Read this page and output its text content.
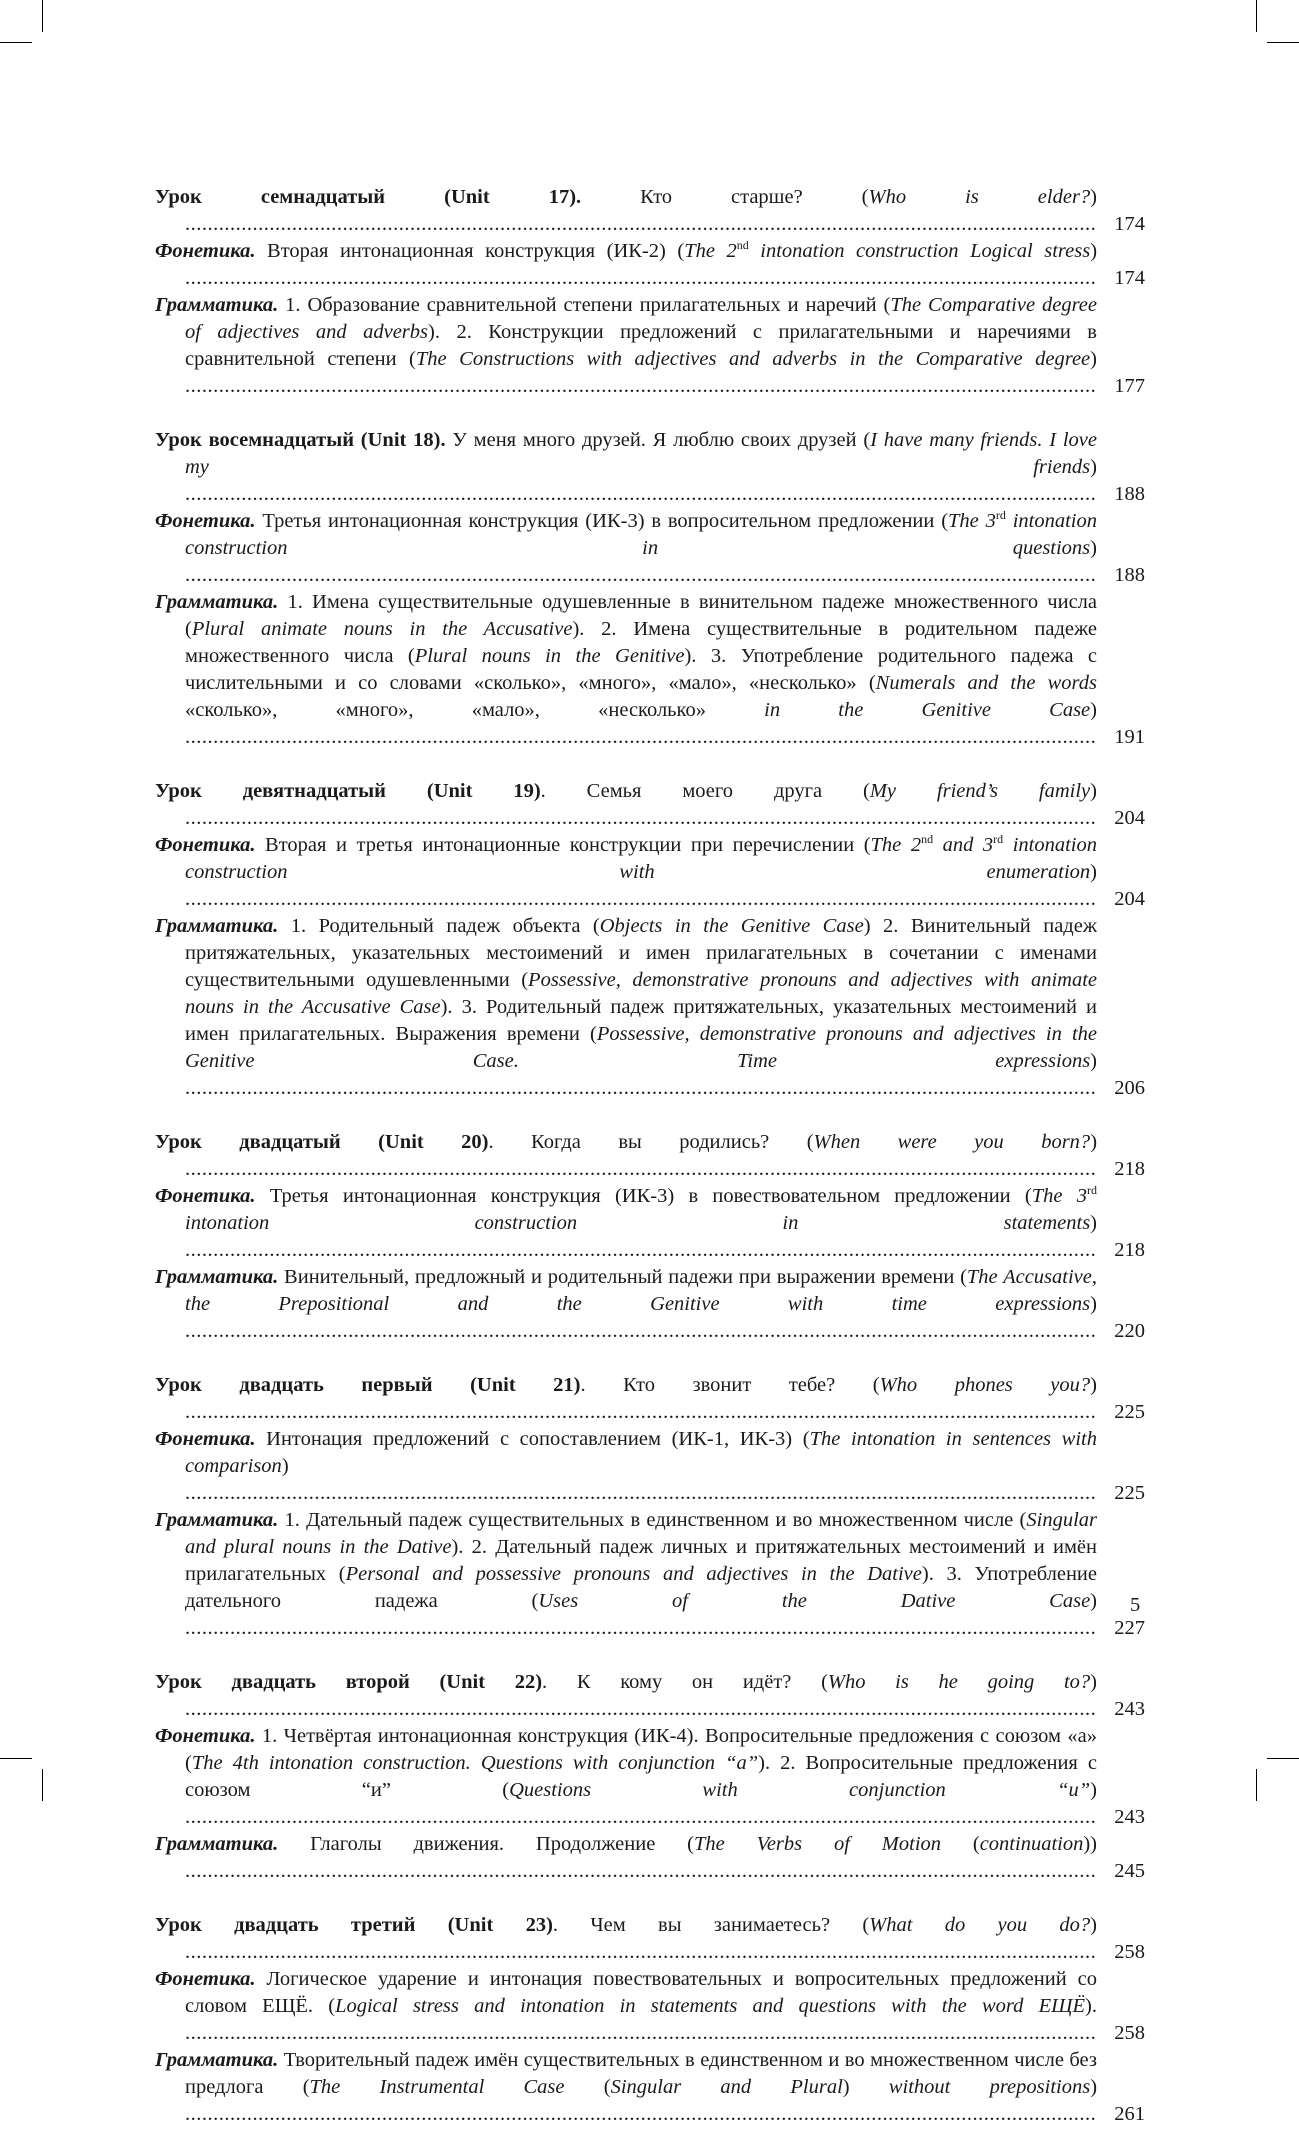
Урок семнадцатый (Unit 17). Кто старше? (Who is elder?) .....
174
Фонетика. Вторая интонационная конструкция (ИК-2) (The 2nd intonation construction Logical stress) .....
174
Грамматика. 1. Образование сравнительной степени прилагательных и наречий (The Comparative degree of adjectives and adverbs). 2. Конструкции предложений с прилагательными и наречиями в сравнительной степени (The Constructions with adjectives and adverbs in the Comparative degree) .....
177
Урок восемнадцатый (Unit 18). У меня много друзей. Я люблю своих друзей (I have many friends. I love my friends) .....
188
Фонетика. Третья интонационная конструкция (ИК-3) в вопросительном предложении (The 3rd intonation construction in questions) .....
188
Грамматика. 1. Имена существительные одушевленные в винительном падеже множественного числа (Plural animate nouns in the Accusative). 2. Имена существительные в родительном падеже множественного числа (Plural nouns in the Genitive). 3. Употребление родительного падежа с числительными и со словами «сколько», «много», «мало», «несколько» (Numerals and the words «сколько», «много», «мало», «несколько» in the Genitive Case) .....
191
Урок девятнадцатый (Unit 19). Семья моего друга (My friend’s family) .....
204
Фонетика. Вторая и третья интонационные конструкции при перечислении (The 2nd and 3rd intonation construction with enumeration) .....
204
Грамматика. 1. Родительный падеж объекта (Objects in the Genitive Case) 2. Винительный падеж притяжательных, указательных местоимений и имен прилагательных в сочетании с именами существительными одушевленными (Possessive, demonstrative pronouns and adjectives with animate nouns in the Accusative Case). 3. Родительный падеж притяжательных, указательных местоимений и имен прилагательных. Выражения времени (Possessive, demonstrative pronouns and adjectives in the Genitive Case. Time expressions) .....
206
Урок двадцатый (Unit 20). Когда вы родились? (When were you born?) .....
218
Фонетика. Третья интонационная конструкция (ИК-3) в повествовательном предложении (The 3rd intonation construction in statements) .....
218
Грамматика. Винительный, предложный и родительный падежи при выражении времени (The Accusative, the Prepositional and the Genitive with time expressions) .....
220
Урок двадцать первый (Unit 21). Кто звонит тебе? (Who phones you?) .....
225
Фонетика. Интонация предложений с сопоставлением (ИК-1, ИК-3) (The intonation in sentences with comparison) .....
225
Грамматика. 1. Дательный падеж существительных в единственном и во множественном числе (Singular and plural nouns in the Dative). 2. Дательный падеж личных и притяжательных местоимений и имён прилагательных (Personal and possessive pronouns and adjectives in the Dative). 3. Употребление дательного падежа (Uses of the Dative Case) .....
227
Урок двадцать второй (Unit 22). К кому он идёт? (Who is he going to?) .....
243
Фонетика. 1. Четвёртая интонационная конструкция (ИК-4). Вопросительные предложения с союзом «а» (The 4th intonation construction. Questions with conjunction “a”). 2. Вопросительные предложения с союзом “и” (Questions with conjunction “и”) .....
243
Грамматика. Глаголы движения. Продолжение (The Verbs of Motion (continuation)) .....
245
Урок двадцать третий (Unit 23). Чем вы занимаетесь? (What do you do?) .....
258
Фонетика. Логическое ударение и интонация повествовательных и вопросительных предложений со словом ЕЩЁ. (Logical stress and intonation in statements and questions with the word ЕЩЁ). .....
258
Грамматика. Творительный падеж имён существительных в единственном и во множественном числе без предлога (The Instrumental Case (Singular and Plural) without prepositions) .....
261
5
